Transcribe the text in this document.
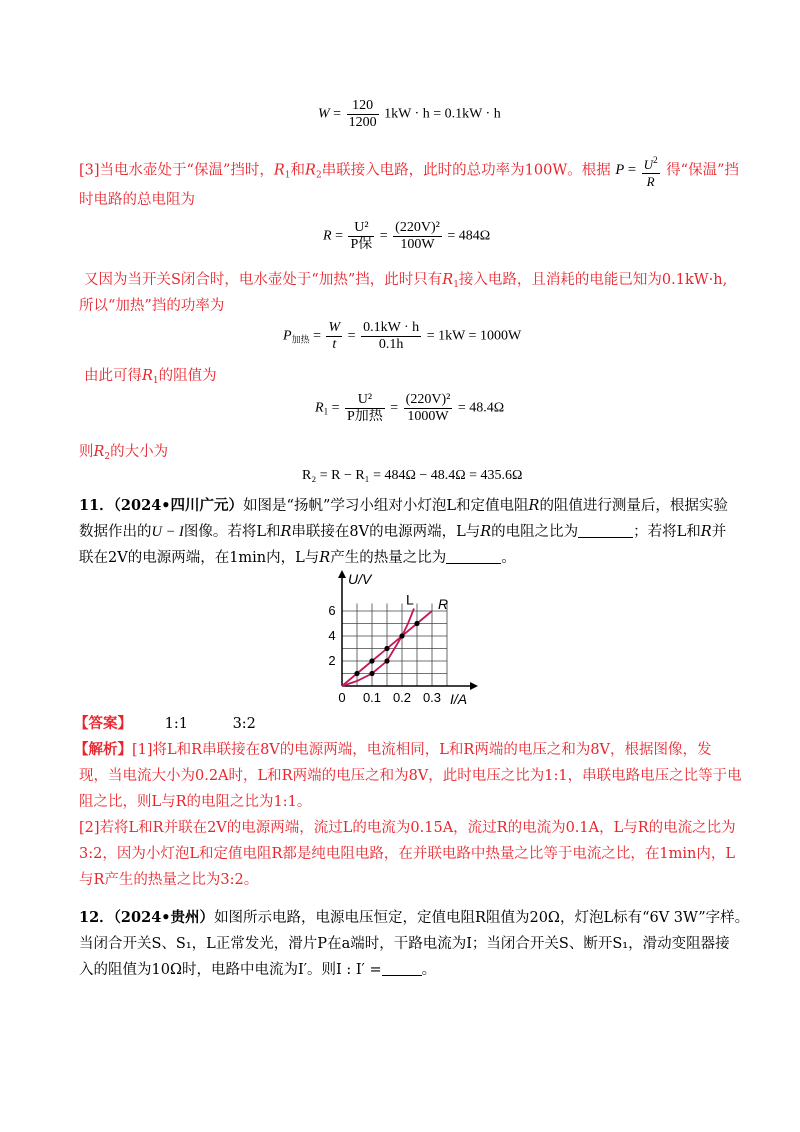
$W = \frac{120}{1200} 1kW \cdot h = 0.1kW \cdot h$
[3]当电水壶处于“保温”挡时，$R_1$和$R_2$串联接入电路，此时的总功率为100W。根据 $P = \frac{U^2}{R}$ 得“保温”挡
时电路的总电阻为
$R = \frac{\text{U²}}{\text{P保}} = \frac{\text{(220V)²}}{100W} = 484\Omega$
又因为当开关S闭合时，电水壶处于“加热”挡，此时只有$R_1$接入电路，且消耗的电能已知为0.1kW·h,
所以“加热”挡的功率为
$P_{加热} = \frac{W}{t} = \frac{0.1kW \cdot h}{0.1h} = 1kW = 1000W$
由此可得$R_1$的阻值为
$R_1 = \frac{\text{U²}}{\text{P加热}} = \frac{\text{(220V)²}}{1000W} = 48.4\Omega$
则$R_2$的大小为
R₂ = R − R₁ = 484Ω − 48.4Ω = 435.6Ω
11．（2024•四川广元）如图是“扬帆”学习小组对小灯泡L和定值电阻R的阻值进行测量后，根据实验
数据作出的U − I图像。若将L和R串联接在8V的电源两端，L与R的电阻之比为	；若将L和R并
联在2V的电源两端，在1min内，L与R产生的热量之比为	。
0 0.1 0.2 0.3
2
4
6
I/A
U/V
L R
【答案】 1:1	3:2
【解析】[1]将L和R串联接在8V的电源两端，电流相同，L和R两端的电压之和为8V，根据图像，发
现，当电流大小为0.2A时，L和R两端的电压之和为8V，此时电压之比为1:1，串联电路电压之比等于电
阻之比，则L与R的电阻之比为1:1。
[2]若将L和R并联在2V的电源两端，流过L的电流为0.15A，流过R的电流为0.1A，L与R的电流之比为
3:2，因为小灯泡L和定值电阻R都是纯电阻电路，在并联电路中热量之比等于电流之比，在1min内，L
与R产生的热量之比为3:2。
12．（2024•贵州）如图所示电路，电源电压恒定，定值电阻R阻值为20Ω，灯泡L标有“6V 3W”字样。
当闭合开关S、S₁，L正常发光，滑片P在a端时，干路电流为I；当闭合开关S、断开S₁，滑动变阻器接
入的阻值为10Ω时，电路中电流为I′。则I : I′ =	。
